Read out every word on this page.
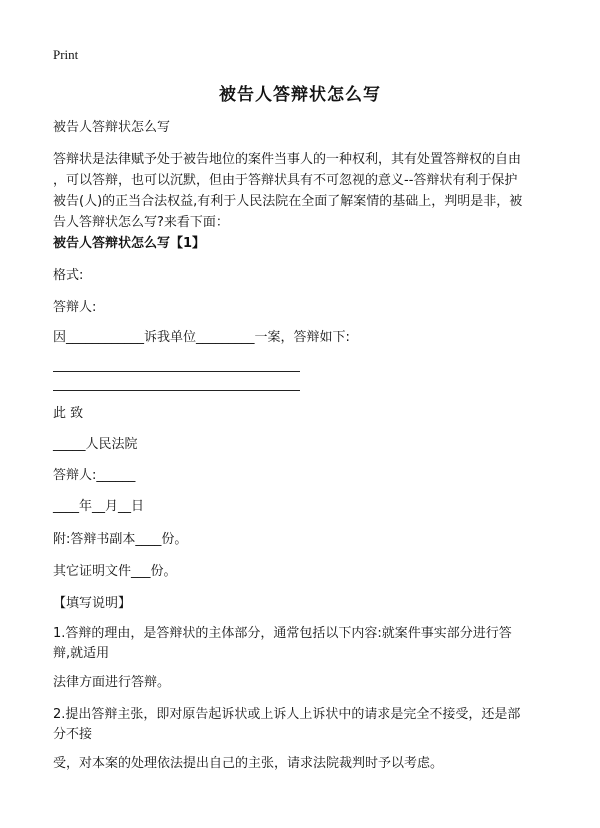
Print
被告人答辩状怎么写

被告人答辩状怎么写

答辩状是法律赋予处于被告地位的案件当事人的一种权利，其有处置答辩权的自由
，可以答辩，也可以沉默，但由于答辩状具有不可忽视的意义--答辩状有利于保护
被告(人)的正当合法权益,有利于人民法院在全面了解案情的基础上，判明是非，被
告人答辩状怎么写?来看下面：

被告人答辩状怎么写【1】

格式:

答辩人:

因____________诉我单位_________一案，答辩如下:

此 致

_____人民法院

答辩人:______

____年__月__日

附:答辩书副本____份。

其它证明文件___份。

【填写说明】

1.答辩的理由，是答辩状的主体部分，通常包括以下内容:就案件事实部分进行答
辩,就适用

法律方面进行答辩。

2.提出答辩主张，即对原告起诉状或上诉人上诉状中的请求是完全不接受，还是部
分不接

受，对本案的处理依法提出自己的主张，请求法院裁判时予以考虑。
